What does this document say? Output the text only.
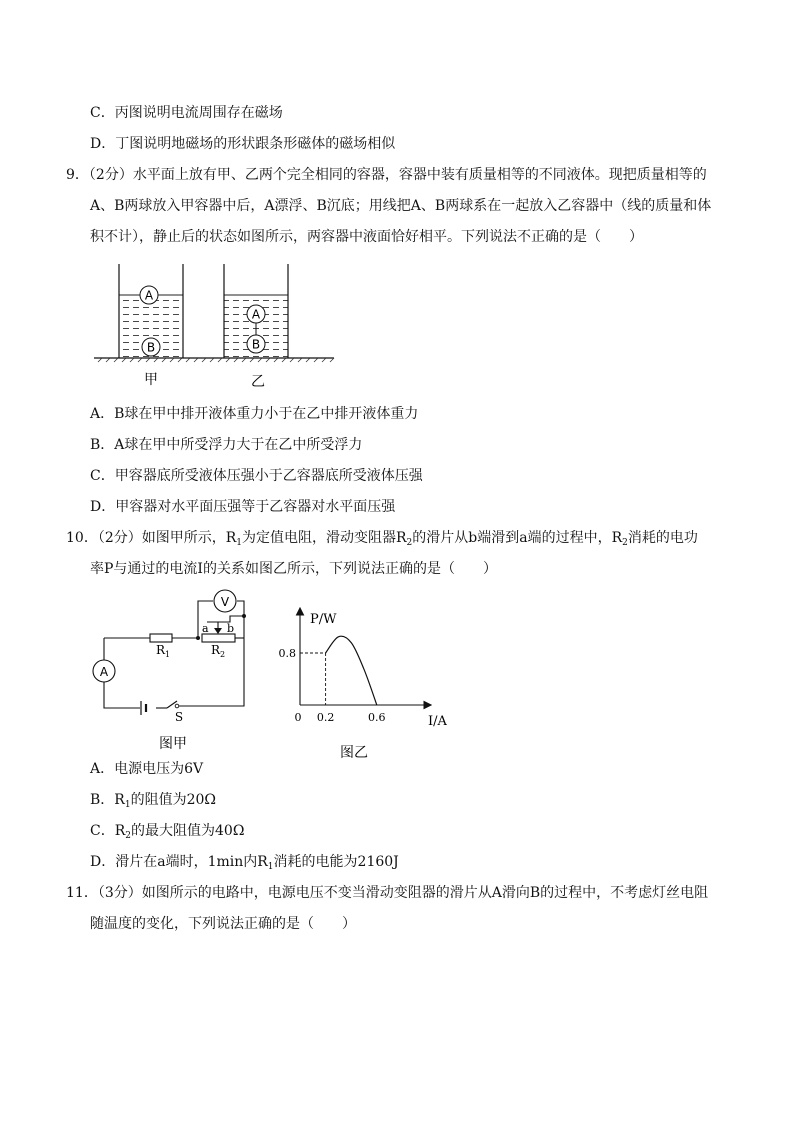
C．丙图说明电流周围存在磁场
D．丁图说明地磁场的形状跟条形磁体的磁场相似
9．（2分）水平面上放有甲、乙两个完全相同的容器，容器中装有质量相等的不同液体。现把质量相等的
A、B两球放入甲容器中后，A漂浮、B沉底；用线把A、B两球系在一起放入乙容器中（线的质量和体
积不计），静止后的状态如图所示，两容器中液面恰好相平。下列说法不正确的是（　　）
A
B
A
B
甲	乙
A．B球在甲中排开液体重力小于在乙中排开液体重力
B．A球在甲中所受浮力大于在乙中所受浮力
C．甲容器底所受液体压强小于乙容器底所受液体压强
D．甲容器对水平面压强等于乙容器对水平面压强
10．（2分）如图甲所示，$R_1$为定值电阻，滑动变阻器$R_2$的滑片从b端滑到a端的过程中，$R_2$消耗的电功
率P与通过的电流I的关系如图乙所示，下列说法正确的是（　　）
A
V
a b
$R_1$	$R_2$
S
图甲
0.8
0.2	0.6
P/W
I/A
0
图乙
A．电源电压为6V
B．$R_1$的阻值为20Ω
C．$R_2$的最大阻值为40Ω
D．滑片在a端时，1min内$R_1$消耗的电能为2160J
11．（3分）如图所示的电路中，电源电压不变当滑动变阻器的滑片从A滑向B的过程中，不考虑灯丝电阻
随温度的变化，下列说法正确的是（　　）
